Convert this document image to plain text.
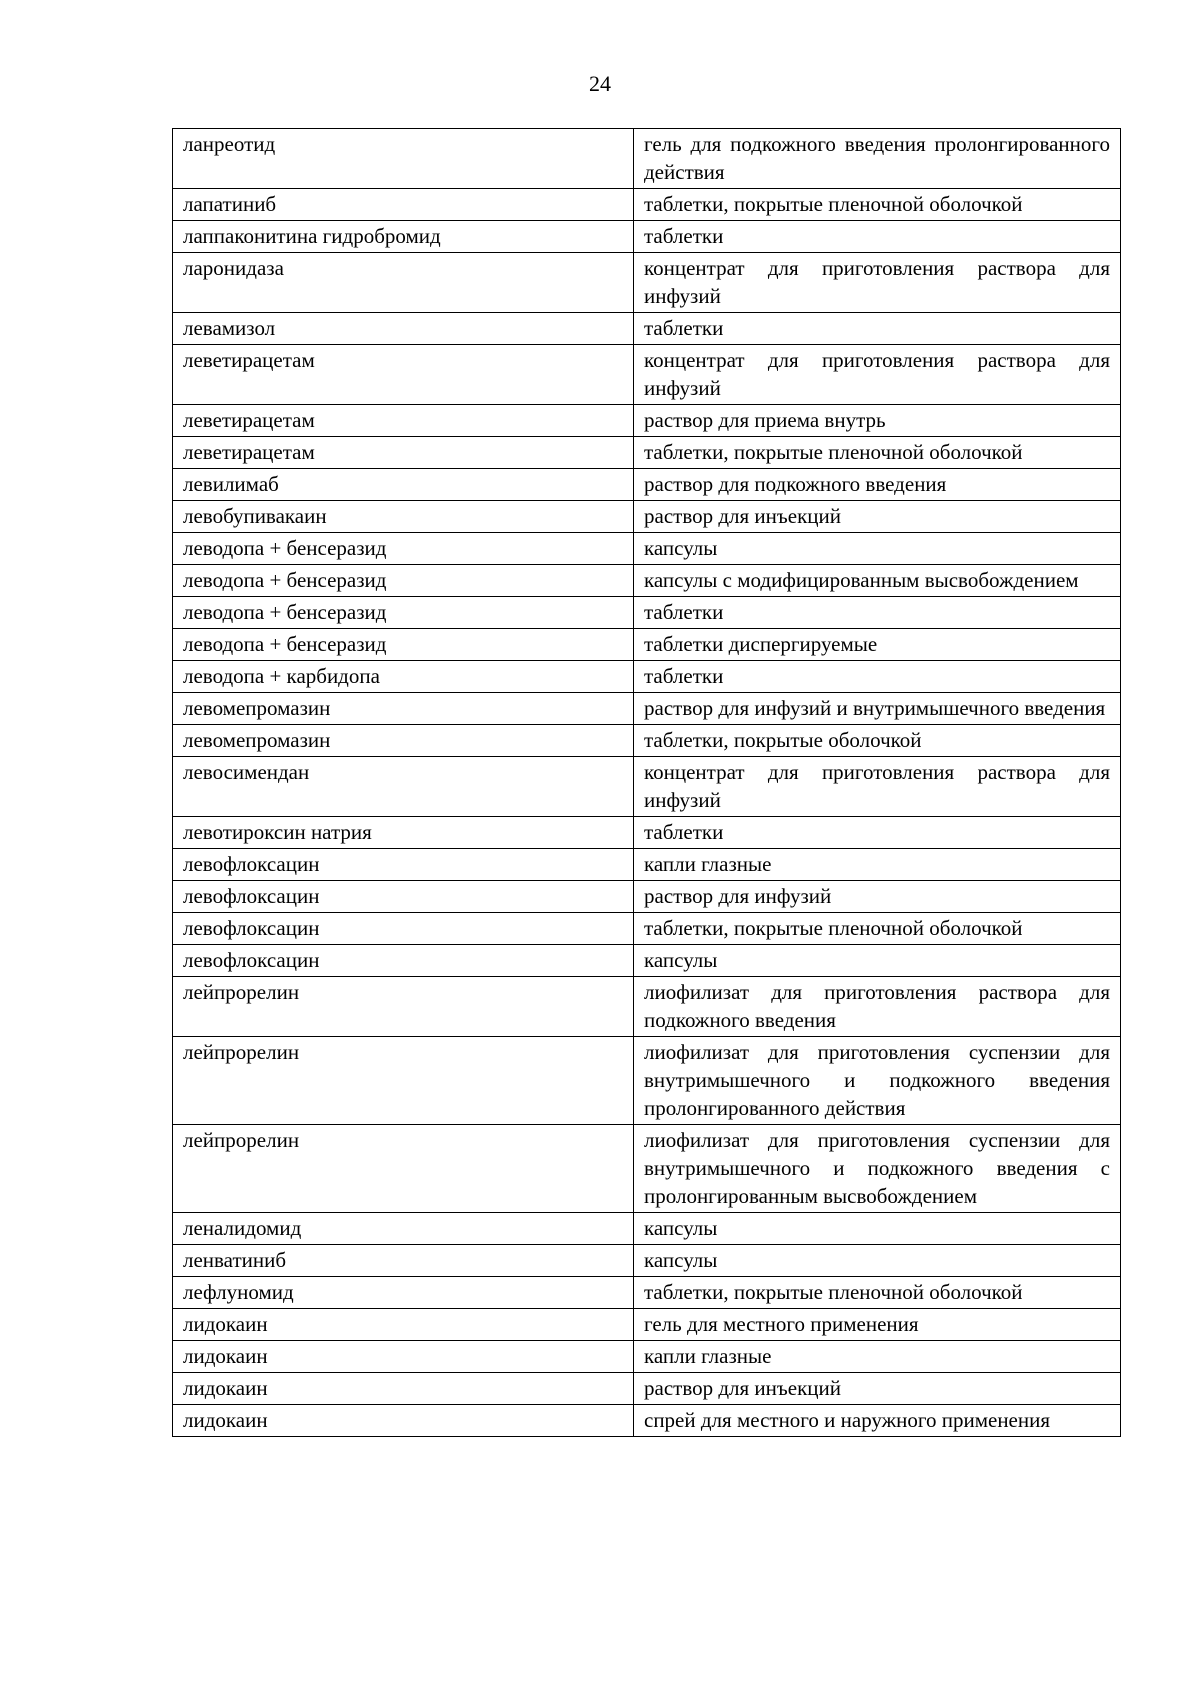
24
ланреотид	гель для подкожного введения пролонгированного действия
лапатиниб	таблетки, покрытые пленочной оболочкой
лаппаконитина гидробромид	таблетки
ларонидаза	концентрат для приготовления раствора для инфузий
левамизол	таблетки
леветирацетам	концентрат для приготовления раствора для инфузий
леветирацетам	раствор для приема внутрь
леветирацетам	таблетки, покрытые пленочной оболочкой
левилимаб	раствор для подкожного введения
левобупивакаин	раствор для инъекций
леводопа + бенсеразид	капсулы
леводопа + бенсеразид	капсулы с модифицированным высвобождением
леводопа + бенсеразид	таблетки
леводопа + бенсеразид	таблетки диспергируемые
леводопа + карбидопа	таблетки
левомепромазин	раствор для инфузий и внутримышечного введения
левомепромазин	таблетки, покрытые оболочкой
левосимендан	концентрат для приготовления раствора для инфузий
левотироксин натрия	таблетки
левофлоксацин	капли глазные
левофлоксацин	раствор для инфузий
левофлоксацин	таблетки, покрытые пленочной оболочкой
левофлоксацин	капсулы
лейпрорелин	лиофилизат для приготовления раствора для подкожного введения
лейпрорелин	лиофилизат для приготовления суспензии для внутримышечного и подкожного введения пролонгированного действия
лейпрорелин	лиофилизат для приготовления суспензии для внутримышечного и подкожного введения с пролонгированным высвобождением
леналидомид	капсулы
ленватиниб	капсулы
лефлуномид	таблетки, покрытые пленочной оболочкой
лидокаин	гель для местного применения
лидокаин	капли глазные
лидокаин	раствор для инъекций
лидокаин	спрей для местного и наружного применения
